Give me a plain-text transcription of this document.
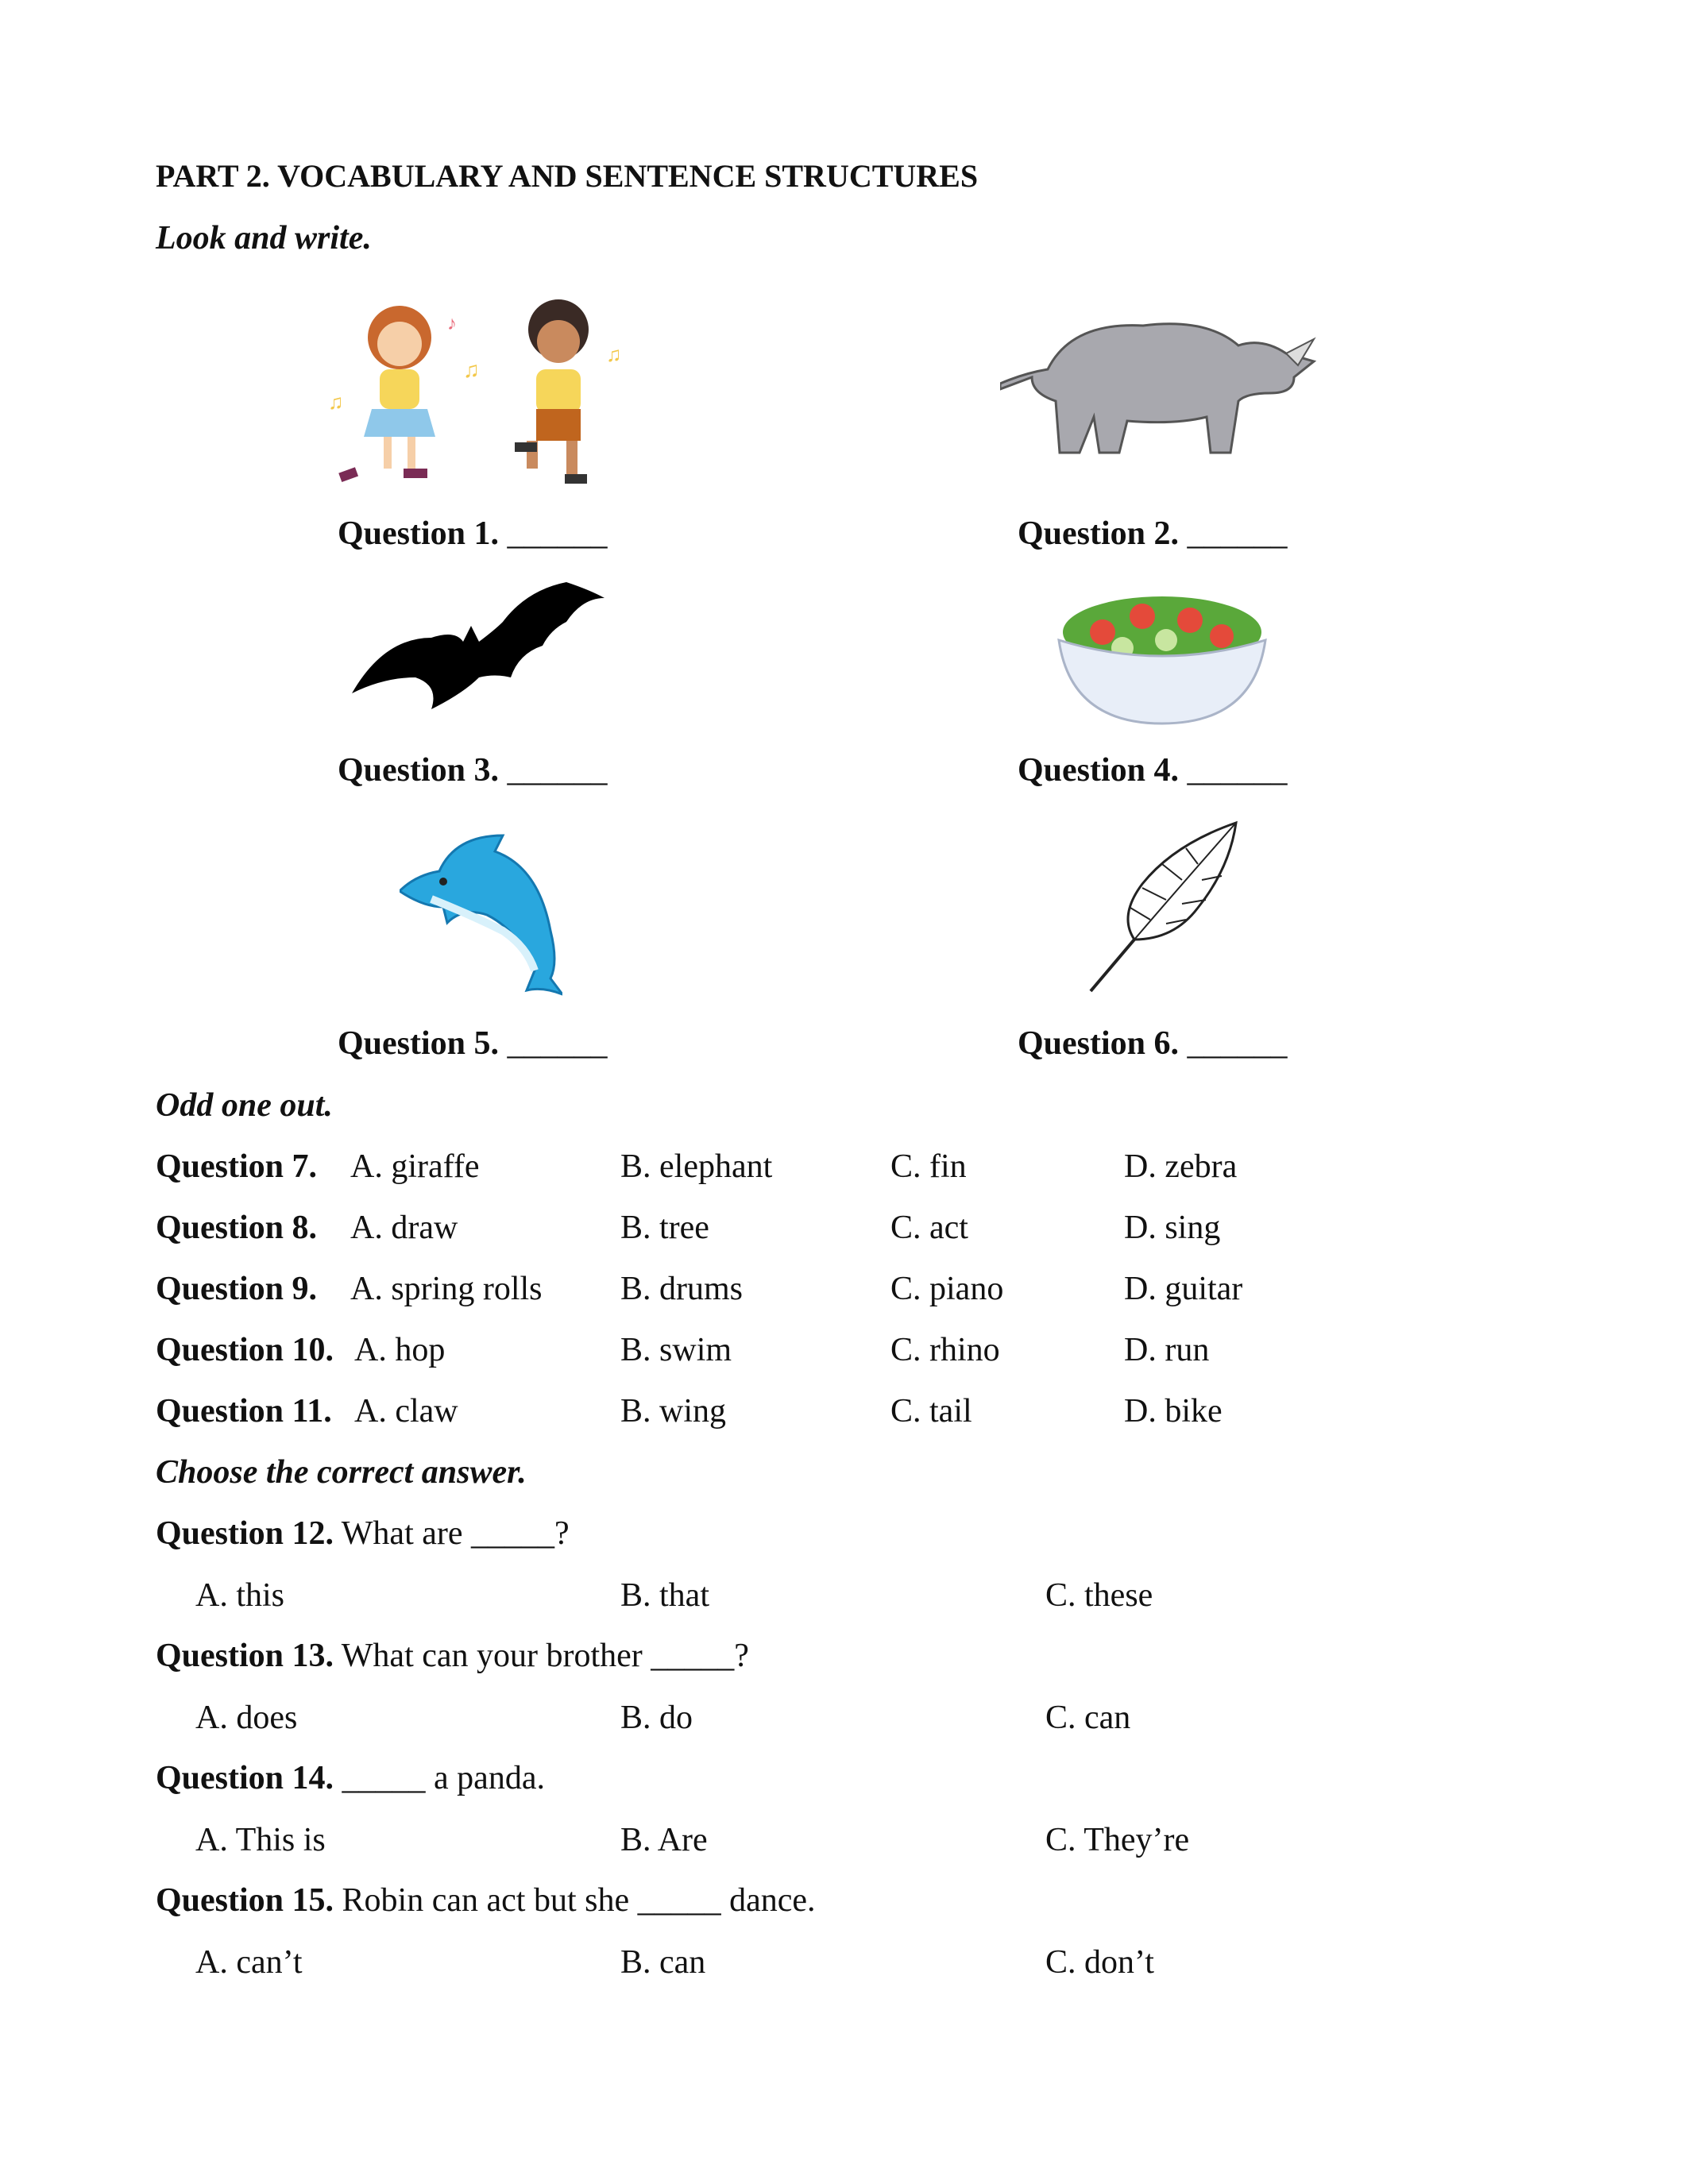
PART 2. VOCABULARY AND SENTENCE STRUCTURES
Look and write.
♫
♫
♫
♪
Question 1. ______	Question 2. ______
Question 3. ______	Question 4. ______
Question 5. ______	Question 6. ______
Odd one out.
Question 7. A. giraffe	B. elephant	C. fin	D. zebra
Question 8. A. draw	B. tree	C. act	D. sing
Question 9. A. spring rolls B. drums	C. piano	D. guitar
Question 10. A. hop	B. swim	C. rhino	D. run
Question 11. A. claw	B. wing	C. tail	D. bike
Choose the correct answer.
Question 12. What are _____?
A. this	B. that	C. these
Question 13. What can your brother _____?
A. does	B. do	C. can
Question 14. _____ a panda.
A. This is	B. Are	C. They’re
Question 15. Robin can act but she _____ dance.
A. can’t	B. can	C. don’t
